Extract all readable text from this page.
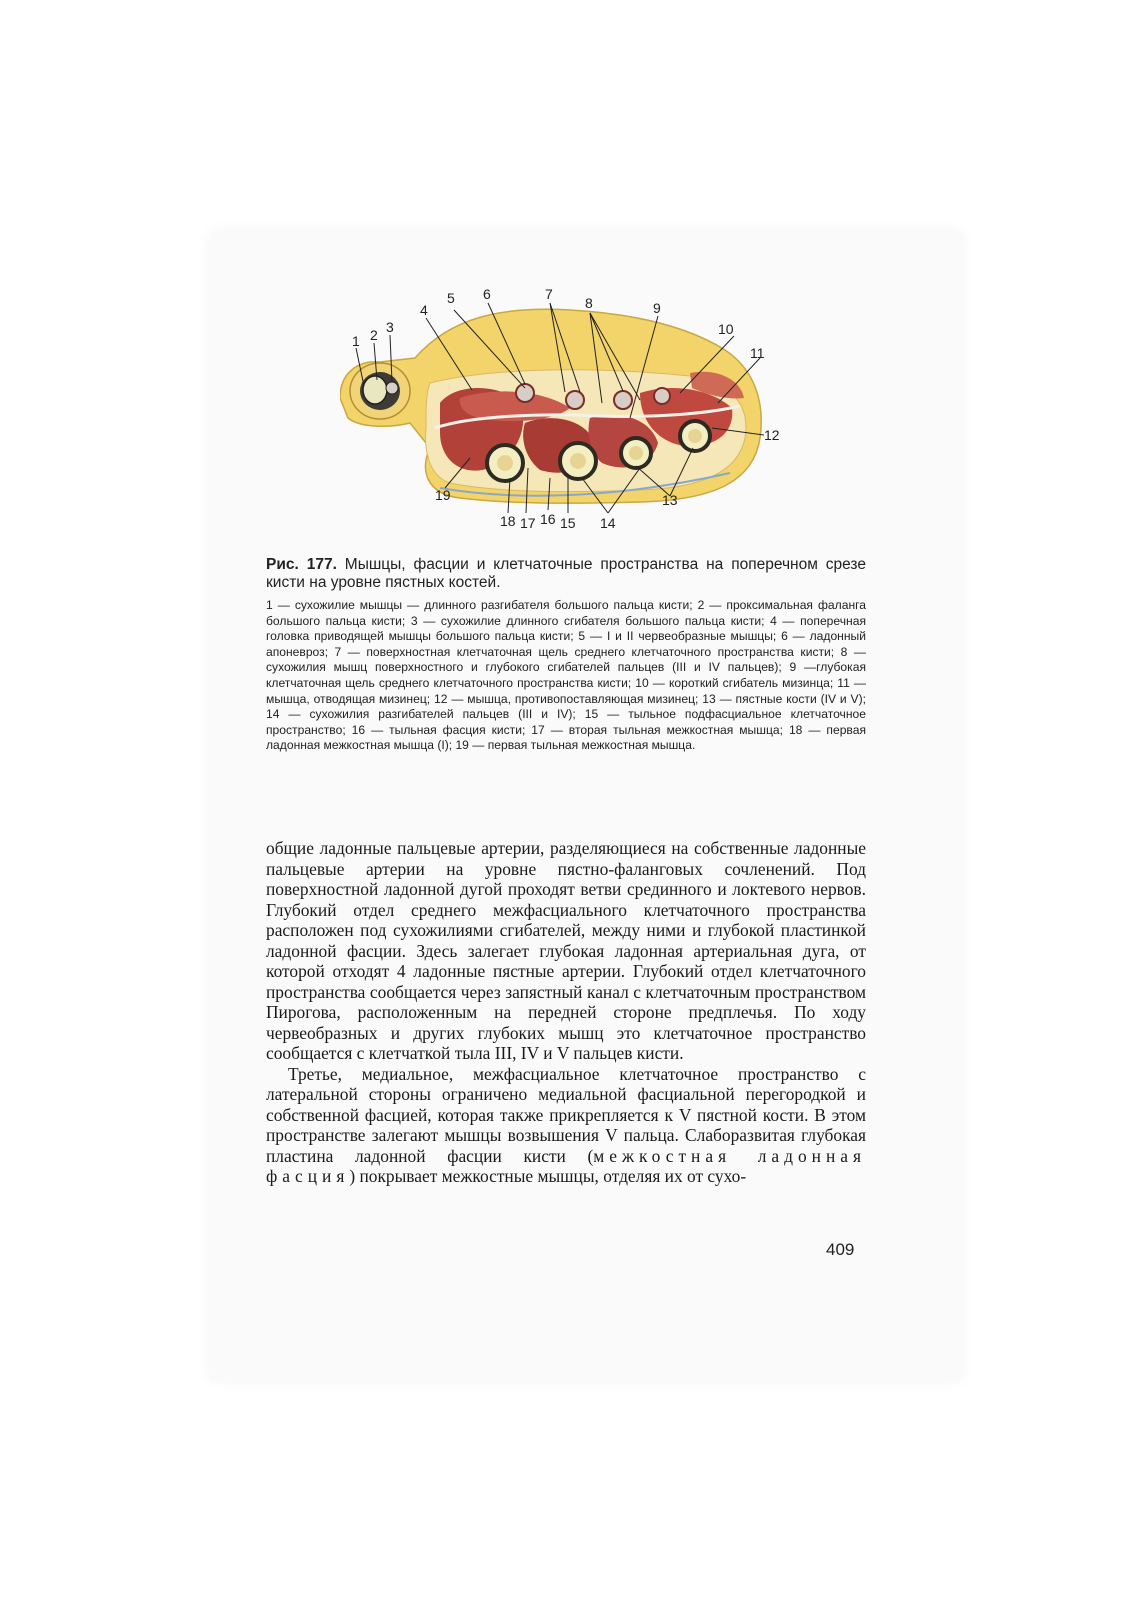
1 2 3
4
5 6	7
8	9
10
11
12
13
14
15
16
17
18
19

Рис. 177. Мышцы, фасции и клетчаточные пространства на поперечном срезе кисти на уровне пястных костей.

1 — сухожилие мышцы — длинного разгибателя большого пальца кисти; 2 — проксимальная фаланга большого пальца кисти; 3 — сухожилие длинного сгибателя большого пальца кисти; 4 — поперечная головка приводящей мышцы большого пальца кисти; 5 — I и II червеобразные мышцы; 6 — ладонный апоневроз; 7 — поверхностная клетчаточная щель среднего клетчаточного пространства кисти; 8 — сухожилия мышц поверхностного и глубокого сгибателей пальцев (III и IV пальцев); 9 —глубокая клетчаточная щель среднего клетчаточного пространства кисти; 10 — короткий сгибатель мизинца; 11 — мышца, отводящая мизинец; 12 — мышца, противопоставляющая мизинец; 13 — пястные кости (IV и V); 14 — сухожилия разгибателей пальцев (III и IV); 15 — тыльное подфасциальное клетчаточное пространство; 16 — тыльная фасция кисти; 17 — вторая тыльная межкостная мышца; 18 — первая ладонная межкостная мышца (I); 19 — первая тыльная межкостная мышца.

общие ладонные пальцевые артерии, разделяющиеся на собственные ладонные пальцевые артерии на уровне пястно-фаланговых сочленений. Под поверхностной ладонной дугой проходят ветви срединного и локтевого нервов. Глубокий отдел среднего межфасциального клетчаточного пространства расположен под сухожилиями сгибателей, между ними и глубокой пластинкой ладонной фасции. Здесь залегает глубокая ладонная артериальная дуга, от которой отходят 4 ладонные пястные артерии. Глубокий отдел клетчаточного пространства сообщается через запястный канал с клетчаточным пространством Пирогова, расположенным на передней стороне предплечья. По ходу червеобразных и других глубоких мышц это клетчаточное пространство сообщается с клетчаткой тыла III, IV и V пальцев кисти.

Третье, медиальное, межфасциальное клетчаточное пространство с латеральной стороны ограничено медиальной фасциальной перегородкой и собственной фасцией, которая также прикрепляется к V пястной кости. В этом пространстве залегают мышцы возвышения V пальца. Слаборазвитая глубокая пластина ладонной фасции кисти (межкостная ладонная фасция) покрывает межкостные мышцы, отделяя их от сухо-

409
